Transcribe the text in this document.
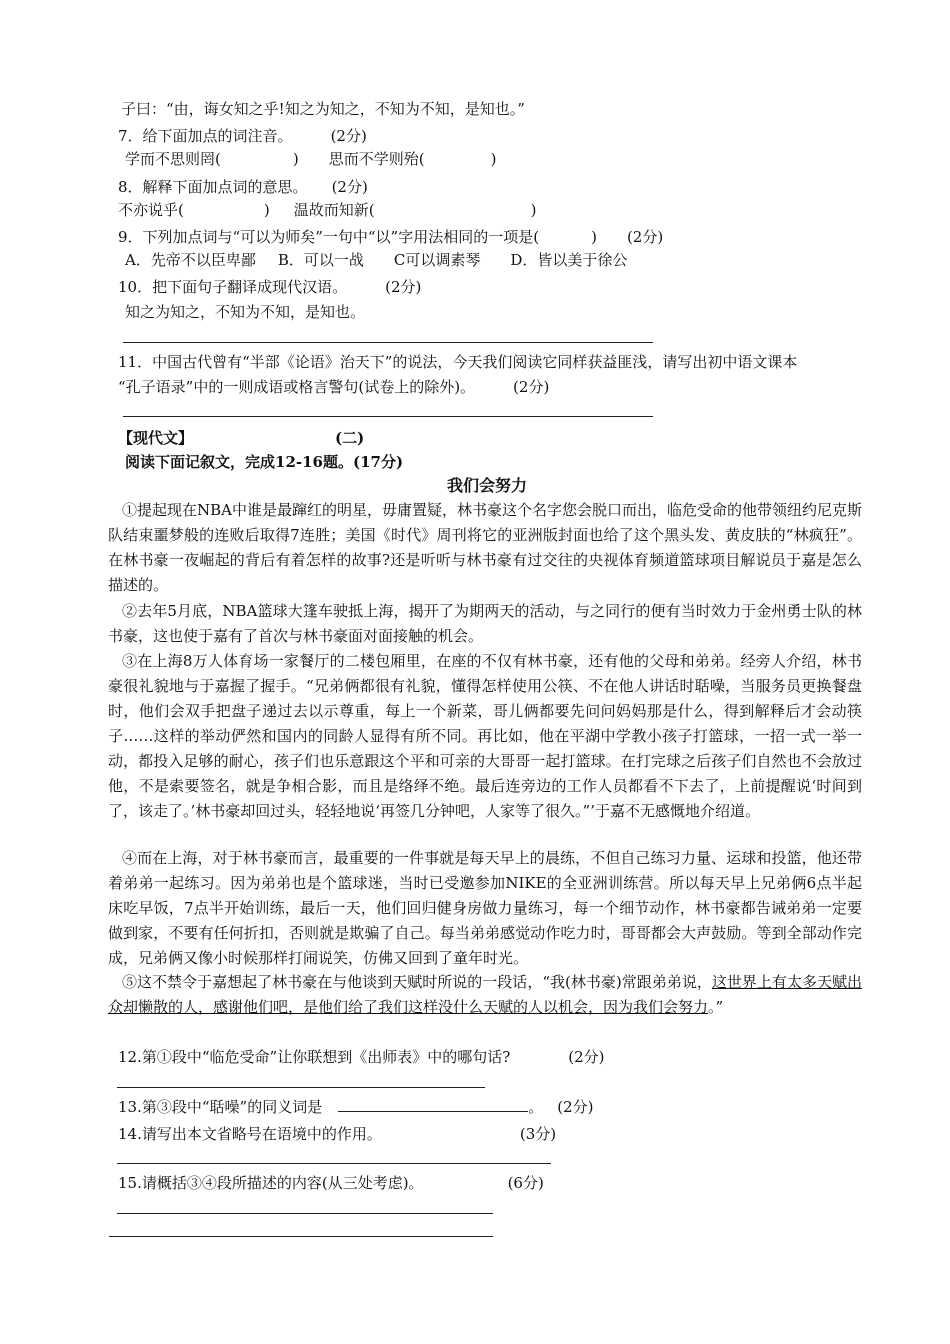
子曰：“由，诲女知之乎!知之为知之，不知为不知，是知也。”
7．给下面加点的词注音。	(2分)
学而不思则罔(	) 思而不学则殆(	)
8．解释下面加点词的意思。 (2分)
不亦说乎(	) 温故而知新(	)
9．下列加点词与“可以为师矣”一句中“以”字用法相同的一项是(	) (2分)
A．先帝不以臣卑鄙 B．可以一战 C可以调素琴 D．皆以美于徐公
10．把下面句子翻译成现代汉语。	(2分)
知之为知之，不知为不知，是知也。
11．中国古代曾有“半部《论语》治天下”的说法，今天我们阅读它同样获益匪浅，请写出初中语文课本
“孔子语录”中的一则成语或格言警句(试卷上的除外)。	(2分)
【现代文】	(二)
阅读下面记叙文，完成12-16题。(17分)
我们会努力
①提起现在NBA中谁是最蹿红的明星，毋庸置疑，林书豪这个名字您会脱口而出，临危受命的他带领纽约尼克斯队结束噩梦般的连败后取得7连胜；美国《时代》周刊将它的亚洲版封面也给了这个黑头发、黄皮肤的“林疯狂”。在林书豪一夜崛起的背后有着怎样的故事?还是听听与林书豪有过交往的央视体育频道篮球项目解说员于嘉是怎么描述的。
②去年5月底，NBA篮球大篷车驶抵上海，揭开了为期两天的活动，与之同行的便有当时效力于金州勇士队的林书豪，这也使于嘉有了首次与林书豪面对面接触的机会。
③在上海8万人体育场一家餐厅的二楼包厢里，在座的不仅有林书豪，还有他的父母和弟弟。经旁人介绍，林书豪很礼貌地与于嘉握了握手。“兄弟俩都很有礼貌，懂得怎样使用公筷、不在他人讲话时聒噪，当服务员更换餐盘时，他们会双手把盘子递过去以示尊重，每上一个新菜，哥儿俩都要先问问妈妈那是什么，得到解释后才会动筷子……这样的举动俨然和国内的同龄人显得有所不同。再比如，他在平湖中学教小孩子打篮球，一招一式一举一动，都投入足够的耐心，孩子们也乐意跟这个平和可亲的大哥哥一起打篮球。在打完球之后孩子们自然也不会放过他，不是索要签名，就是争相合影，而且是络绎不绝。最后连旁边的工作人员都看不下去了，上前提醒说‘时间到了，该走了。’林书豪却回过头，轻轻地说‘再签几分钟吧，人家等了很久。”’于嘉不无感慨地介绍道。
④而在上海，对于林书豪而言，最重要的一件事就是每天早上的晨练，不但自己练习力量、运球和投篮，他还带着弟弟一起练习。因为弟弟也是个篮球迷，当时已受邀参加NIKE的全亚洲训练营。所以每天早上兄弟俩6点半起床吃早饭，7点半开始训练，最后一天，他们回归健身房做力量练习，每一个细节动作，林书豪都告诫弟弟一定要做到家，不要有任何折扣，否则就是欺骗了自己。每当弟弟感觉动作吃力时，哥哥都会大声鼓励。等到全部动作完成，兄弟俩又像小时候那样打闹说笑，仿佛又回到了童年时光。
⑤这不禁令于嘉想起了林书豪在与他谈到天赋时所说的一段话，“我(林书豪)常跟弟弟说，这世界上有太多天赋出众却懒散的人，感谢他们吧，是他们给了我们这样没什么天赋的人以机会，因为我们会努力。”
12.第①段中“临危受命”让你联想到《出师表》中的哪句话?	(2分)
13.第③段中“聒噪”的同义词是	。 (2分)
14.请写出本文省略号在语境中的作用。	(3分)
15.请概括③④段所描述的内容(从三处考虑)。	(6分)
